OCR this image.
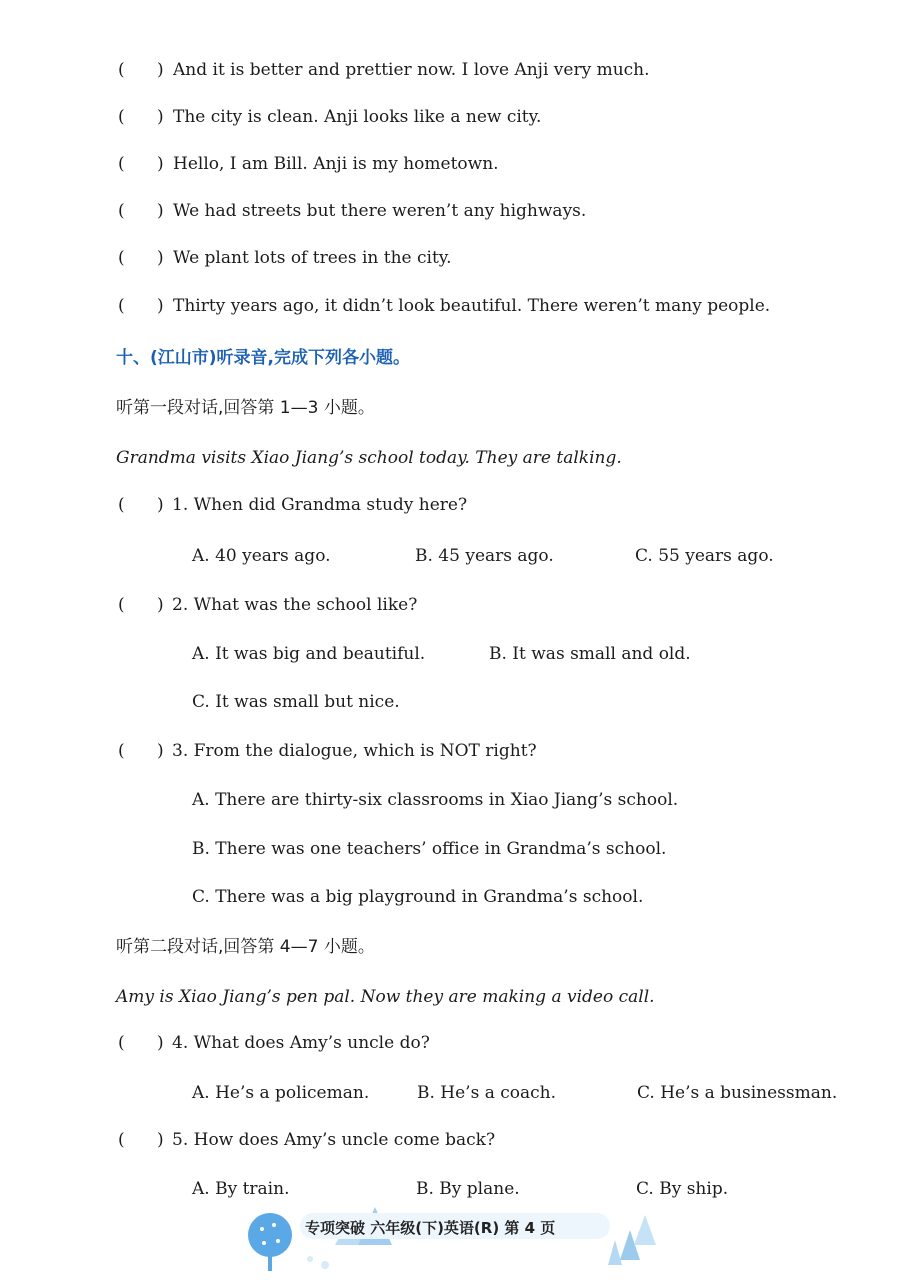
(      ) And it is better and prettier now. I love Anji very much.
(      ) The city is clean. Anji looks like a new city.
(      ) Hello, I am Bill. Anji is my hometown.
(      ) We had streets but there weren’t any highways.
(      ) We plant lots of trees in the city.
(      ) Thirty years ago, it didn’t look beautiful. There weren’t many people.
十、(江山市)听录音,完成下列各小题。
听第一段对话,回答第 1—3 小题。
Grandma visits Xiao Jiang’s school today. They are talking.
(      ) 1. When did Grandma study here?
A. 40 years ago.	B. 45 years ago.	C. 55 years ago.
(      ) 2. What was the school like?
A. It was big and beautiful.	B. It was small and old.
C. It was small but nice.
(      ) 3. From the dialogue, which is NOT right?
A. There are thirty-six classrooms in Xiao Jiang’s school.
B. There was one teachers’ office in Grandma’s school.
C. There was a big playground in Grandma’s school.
听第二段对话,回答第 4—7 小题。
Amy is Xiao Jiang’s pen pal. Now they are making a video call.
(      ) 4. What does Amy’s uncle do?
A. He’s a policeman.	B. He’s a coach.	C. He’s a businessman.
(      ) 5. How does Amy’s uncle come back?
A. By train.	B. By plane.	C. By ship.
专项突破 六年级(下)英语(R) 第 4 页
